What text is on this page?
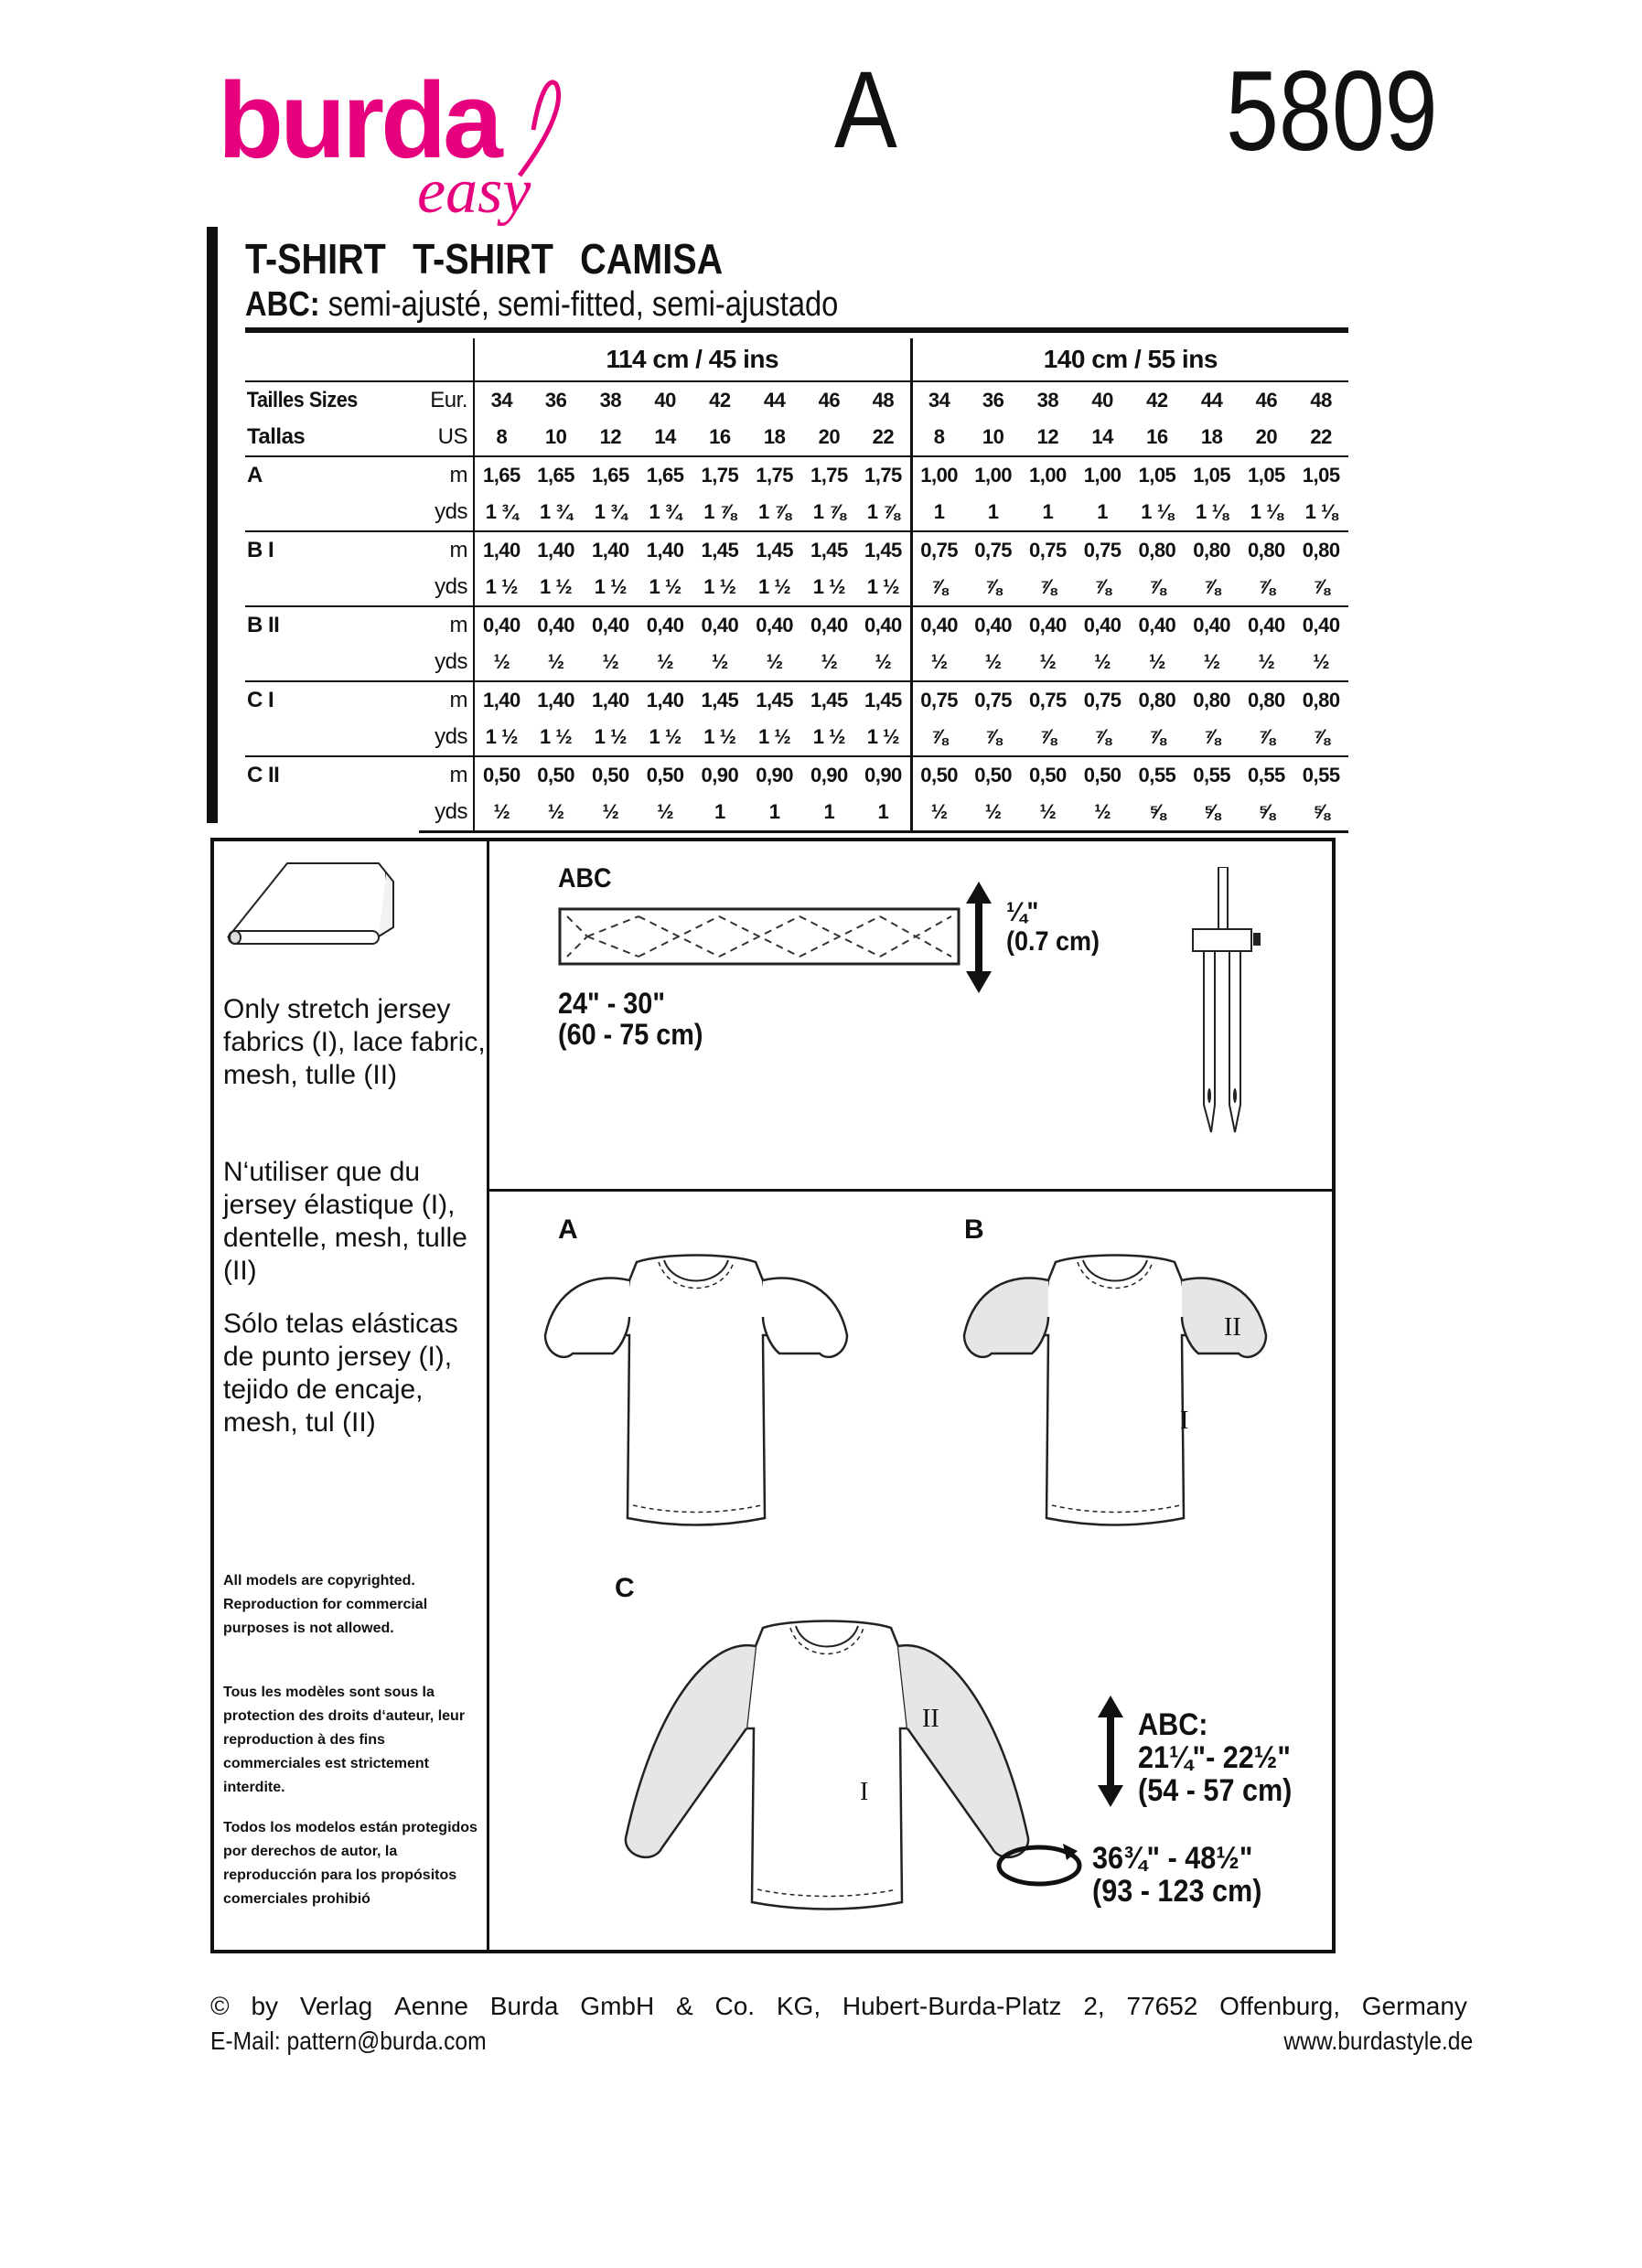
burda
easy
A	5809
T-SHIRT T-SHIRT CAMISA
ABC: semi-ajusté, semi-fitted, semi-ajustado
		114 cm / 45 ins								140 cm / 55 ins							
Tailles Sizes	Eur.	34	36	38	40	42	44	46	48	34	36	38	40	42	44	46	48
Tallas	US	8	10	12	14	16	18	20	22	8	10	12	14	16	18	20	22
A	m	1,65	1,65	1,65	1,65	1,75	1,75	1,75	1,75	1,00	1,00	1,00	1,00	1,05	1,05	1,05	1,05
	yds	1 ¾	1 ¾	1 ¾	1 ¾	1 ⅞	1 ⅞	1 ⅞	1 ⅞	1	1	1	1	1 ⅛	1 ⅛	1 ⅛	1 ⅛
B I	m	1,40	1,40	1,40	1,40	1,45	1,45	1,45	1,45	0,75	0,75	0,75	0,75	0,80	0,80	0,80	0,80
	yds	1 ½	1 ½	1 ½	1 ½	1 ½	1 ½	1 ½	1 ½	⅞	⅞	⅞	⅞	⅞	⅞	⅞	⅞
B II	m	0,40	0,40	0,40	0,40	0,40	0,40	0,40	0,40	0,40	0,40	0,40	0,40	0,40	0,40	0,40	0,40
	yds	½	½	½	½	½	½	½	½	½	½	½	½	½	½	½	½
C I	m	1,40	1,40	1,40	1,40	1,45	1,45	1,45	1,45	0,75	0,75	0,75	0,75	0,80	0,80	0,80	0,80
	yds	1 ½	1 ½	1 ½	1 ½	1 ½	1 ½	1 ½	1 ½	⅞	⅞	⅞	⅞	⅞	⅞	⅞	⅞
C II	m	0,50	0,50	0,50	0,50	0,90	0,90	0,90	0,90	0,50	0,50	0,50	0,50	0,55	0,55	0,55	0,55
	yds	½	½	½	½	1	1	1	1	½	½	½	½	⅝	⅝	⅝	⅝
Only stretch jersey fabrics (I), lace fabric, mesh, tulle (II)
N‘utiliser que du jersey élastique (I), dentelle, mesh, tulle (II)
Sólo telas elásticas de punto jersey (I), tejido de encaje, mesh, tul (II)
All models are copyrighted. Reproduction for commercial purposes is not allowed.
Tous les modèles sont sous la protection des droits d‘auteur, leur reproduction à des fins commerciales est strictement interdite.
Todos los modelos están protegidos por derechos de autor, la reproducción para los propósitos comerciales prohibió
ABC
¼"
(0.7 cm)
24" - 30"
(60 - 75 cm)
A	B
II
I
C
II
I
ABC:
21¼"- 22½"
(54 - 57 cm)
36¾" - 48½"
(93 - 123 cm)
© by Verlag Aenne Burda GmbH & Co. KG, Hubert-Burda-Platz 2, 77652 Offenburg, Germany
E-Mail: pattern@burda.com	www.burdastyle.de
